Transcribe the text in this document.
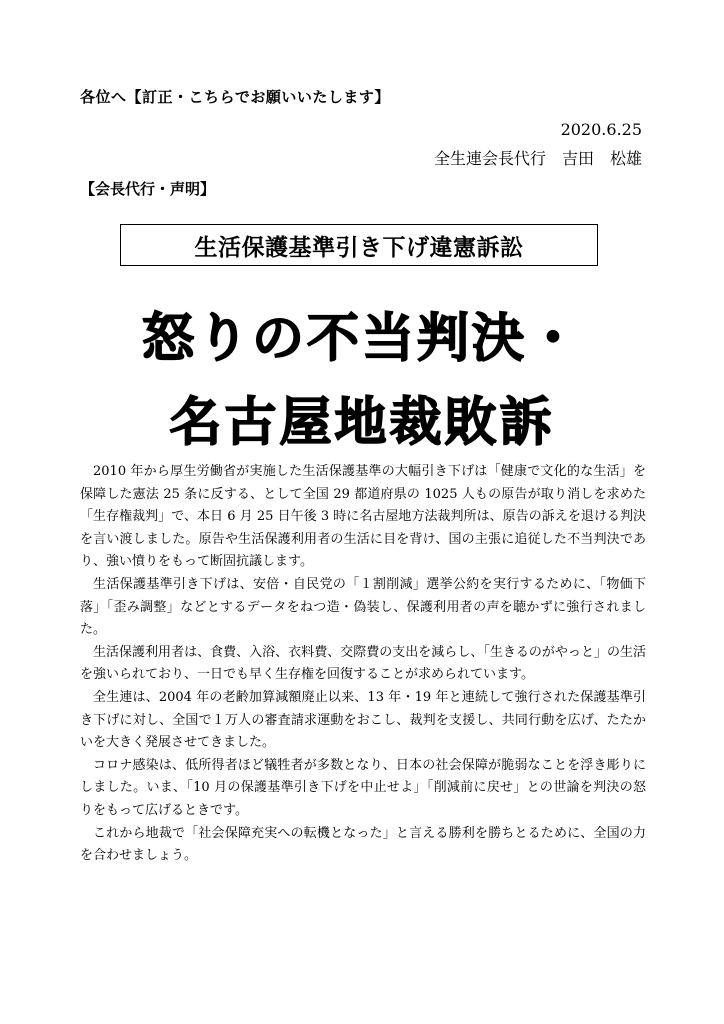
各位へ【訂正・こちらでお願いいたします】
2020.6.25
全生連会長代行　吉田　松雄
【会長代行・声明】
生活保護基準引き下げ違憲訴訟
怒りの不当判決・
名古屋地裁敗訴

2010 年から厚生労働省が実施した生活保護基準の大幅引き下げは「健康で文化的な生活」を保障した憲法 25 条に反する、として全国 29 都道府県の 1025 人もの原告が取り消しを求めた「生存権裁判」で、本日 6 月 25 日午後 3 時に名古屋地方法裁判所は、原告の訴えを退ける判決を言い渡しました。原告や生活保護利用者の生活に目を背け、国の主張に追従した不当判決であり、強い憤りをもって断固抗議します。

生活保護基準引き下げは、安倍・自民党の「１割削減」選挙公約を実行するために、「物価下落」「歪み調整」などとするデータをねつ造・偽装し、保護利用者の声を聴かずに強行されました。

生活保護利用者は、食費、入浴、衣料費、交際費の支出を減らし、「生きるのがやっと」の生活を強いられており、一日でも早く生存権を回復することが求められています。

全生連は、2004 年の老齢加算減額廃止以来、13 年・19 年と連続して強行された保護基準引き下げに対し、全国で１万人の審査請求運動をおこし、裁判を支援し、共同行動を広げ、たたかいを大きく発展させてきました。

コロナ感染は、低所得者ほど犠牲者が多数となり、日本の社会保障が脆弱なことを浮き彫りにしました。いま、「10 月の保護基準引き下げを中止せよ」「削減前に戻せ」との世論を判決の怒りをもって広げるときです。

これから地裁で「社会保障充実への転機となった」と言える勝利を勝ちとるために、全国の力を合わせましょう。
